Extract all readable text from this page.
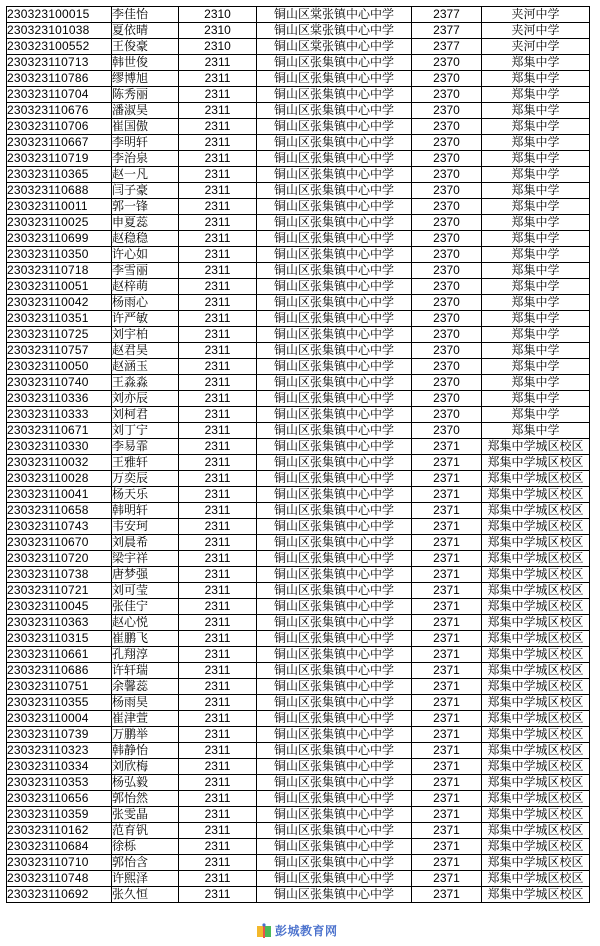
230323100015	李佳怡	2310	铜山区棠张镇中心中学	2377	夹河中学
230323101038	夏依晴	2310	铜山区棠张镇中心中学	2377	夹河中学
230323100552	王俊豪	2310	铜山区棠张镇中心中学	2377	夹河中学
230323110713	韩世俊	2311	铜山区张集镇中心中学	2370	郑集中学
230323110786	缪博旭	2311	铜山区张集镇中心中学	2370	郑集中学
230323110704	陈秀丽	2311	铜山区张集镇中心中学	2370	郑集中学
230323110676	潘淑昊	2311	铜山区张集镇中心中学	2370	郑集中学
230323110706	崔国傲	2311	铜山区张集镇中心中学	2370	郑集中学
230323110667	李明轩	2311	铜山区张集镇中心中学	2370	郑集中学
230323110719	李治泉	2311	铜山区张集镇中心中学	2370	郑集中学
230323110365	赵一凡	2311	铜山区张集镇中心中学	2370	郑集中学
230323110688	闫子豪	2311	铜山区张集镇中心中学	2370	郑集中学
230323110011	郭一锋	2311	铜山区张集镇中心中学	2370	郑集中学
230323110025	申夏蕊	2311	铜山区张集镇中心中学	2370	郑集中学
230323110699	赵稳稳	2311	铜山区张集镇中心中学	2370	郑集中学
230323110350	许心如	2311	铜山区张集镇中心中学	2370	郑集中学
230323110718	李雪丽	2311	铜山区张集镇中心中学	2370	郑集中学
230323110051	赵梓萌	2311	铜山区张集镇中心中学	2370	郑集中学
230323110042	杨雨心	2311	铜山区张集镇中心中学	2370	郑集中学
230323110351	许严敏	2311	铜山区张集镇中心中学	2370	郑集中学
230323110725	刘宇柏	2311	铜山区张集镇中心中学	2370	郑集中学
230323110757	赵君昊	2311	铜山区张集镇中心中学	2370	郑集中学
230323110050	赵涵玉	2311	铜山区张集镇中心中学	2370	郑集中学
230323110740	王淼淼	2311	铜山区张集镇中心中学	2370	郑集中学
230323110336	刘亦辰	2311	铜山区张集镇中心中学	2370	郑集中学
230323110333	刘柯君	2311	铜山区张集镇中心中学	2370	郑集中学
230323110671	刘丁宁	2311	铜山区张集镇中心中学	2370	郑集中学
230323110330	李易霏	2311	铜山区张集镇中心中学	2371	郑集中学城区校区
230323110032	王雅轩	2311	铜山区张集镇中心中学	2371	郑集中学城区校区
230323110028	万奕辰	2311	铜山区张集镇中心中学	2371	郑集中学城区校区
230323110041	杨天乐	2311	铜山区张集镇中心中学	2371	郑集中学城区校区
230323110658	韩明轩	2311	铜山区张集镇中心中学	2371	郑集中学城区校区
230323110743	韦安珂	2311	铜山区张集镇中心中学	2371	郑集中学城区校区
230323110670	刘晨希	2311	铜山区张集镇中心中学	2371	郑集中学城区校区
230323110720	梁宇祥	2311	铜山区张集镇中心中学	2371	郑集中学城区校区
230323110738	唐梦强	2311	铜山区张集镇中心中学	2371	郑集中学城区校区
230323110721	刘可莹	2311	铜山区张集镇中心中学	2371	郑集中学城区校区
230323110045	张佳宁	2311	铜山区张集镇中心中学	2371	郑集中学城区校区
230323110363	赵心悦	2311	铜山区张集镇中心中学	2371	郑集中学城区校区
230323110315	崔鹏飞	2311	铜山区张集镇中心中学	2371	郑集中学城区校区
230323110661	孔翔淳	2311	铜山区张集镇中心中学	2371	郑集中学城区校区
230323110686	许轩瑞	2311	铜山区张集镇中心中学	2371	郑集中学城区校区
230323110751	余馨蕊	2311	铜山区张集镇中心中学	2371	郑集中学城区校区
230323110355	杨雨昊	2311	铜山区张集镇中心中学	2371	郑集中学城区校区
230323110004	崔津萱	2311	铜山区张集镇中心中学	2371	郑集中学城区校区
230323110739	万鹏举	2311	铜山区张集镇中心中学	2371	郑集中学城区校区
230323110323	韩静怡	2311	铜山区张集镇中心中学	2371	郑集中学城区校区
230323110334	刘欣梅	2311	铜山区张集镇中心中学	2371	郑集中学城区校区
230323110353	杨弘毅	2311	铜山区张集镇中心中学	2371	郑集中学城区校区
230323110656	郭怡然	2311	铜山区张集镇中心中学	2371	郑集中学城区校区
230323110359	张雯晶	2311	铜山区张集镇中心中学	2371	郑集中学城区校区
230323110162	范育钒	2311	铜山区张集镇中心中学	2371	郑集中学城区校区
230323110684	徐栎	2311	铜山区张集镇中心中学	2371	郑集中学城区校区
230323110710	郭怡含	2311	铜山区张集镇中心中学	2371	郑集中学城区校区
230323110748	许熙泽	2311	铜山区张集镇中心中学	2371	郑集中学城区校区
230323110692	张久恒	2311	铜山区张集镇中心中学	2371	郑集中学城区校区
彭城教育网
